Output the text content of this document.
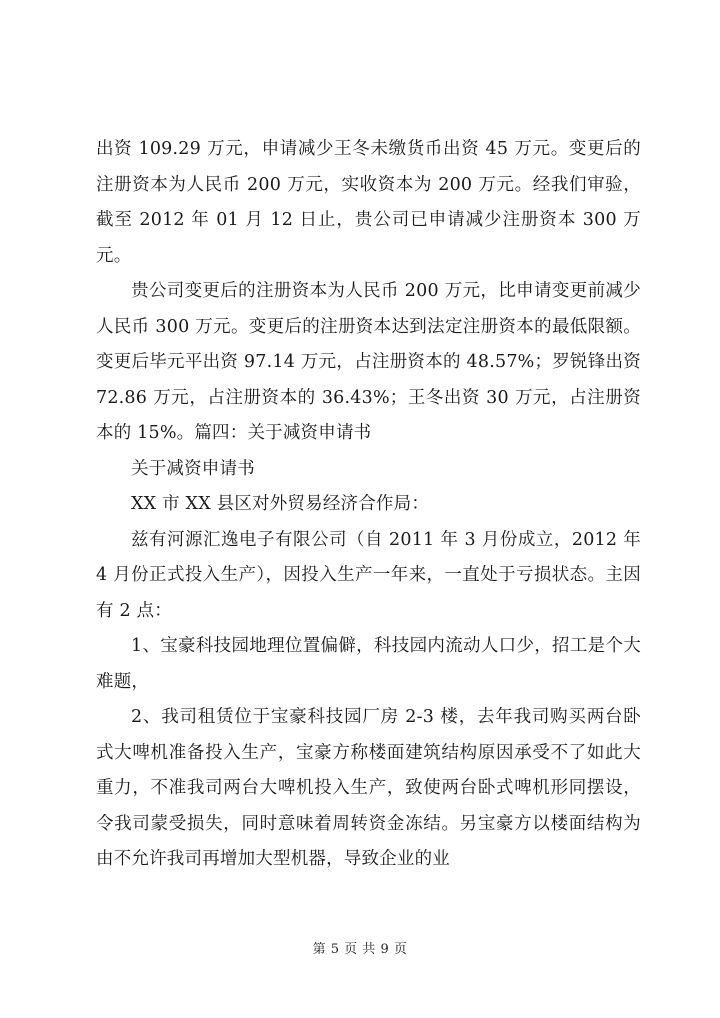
出资 109.29 万元，申请减少王冬未缴货币出资 45 万元。变更后的注册资本为人民币 200 万元，实收资本为 200 万元。经我们审验，截至 2012 年 01 月 12 日止，贵公司已申请减少注册资本 300 万元。

贵公司变更后的注册资本为人民币 200 万元，比申请变更前减少人民币 300 万元。变更后的注册资本达到法定注册资本的最低限额。变更后毕元平出资 97.14 万元，占注册资本的 48.57%；罗锐锋出资 72.86 万元，占注册资本的 36.43%；王冬出资 30 万元，占注册资本的 15%。篇四：关于减资申请书

关于减资申请书

XX 市 XX 县区对外贸易经济合作局：

兹有河源汇逸电子有限公司（自 2011 年 3 月份成立，2012 年 4 月份正式投入生产），因投入生产一年来，一直处于亏损状态。主因有 2 点：

1、宝豪科技园地理位置偏僻，科技园内流动人口少，招工是个大难题，

2、我司租赁位于宝豪科技园厂房 2-3 楼，去年我司购买两台卧式大啤机准备投入生产，宝豪方称楼面建筑结构原因承受不了如此大重力，不准我司两台大啤机投入生产，致使两台卧式啤机形同摆设，令我司蒙受损失，同时意味着周转资金冻结。另宝豪方以楼面结构为由不允许我司再增加大型机器，导致企业的业

第 5 页 共 9 页
